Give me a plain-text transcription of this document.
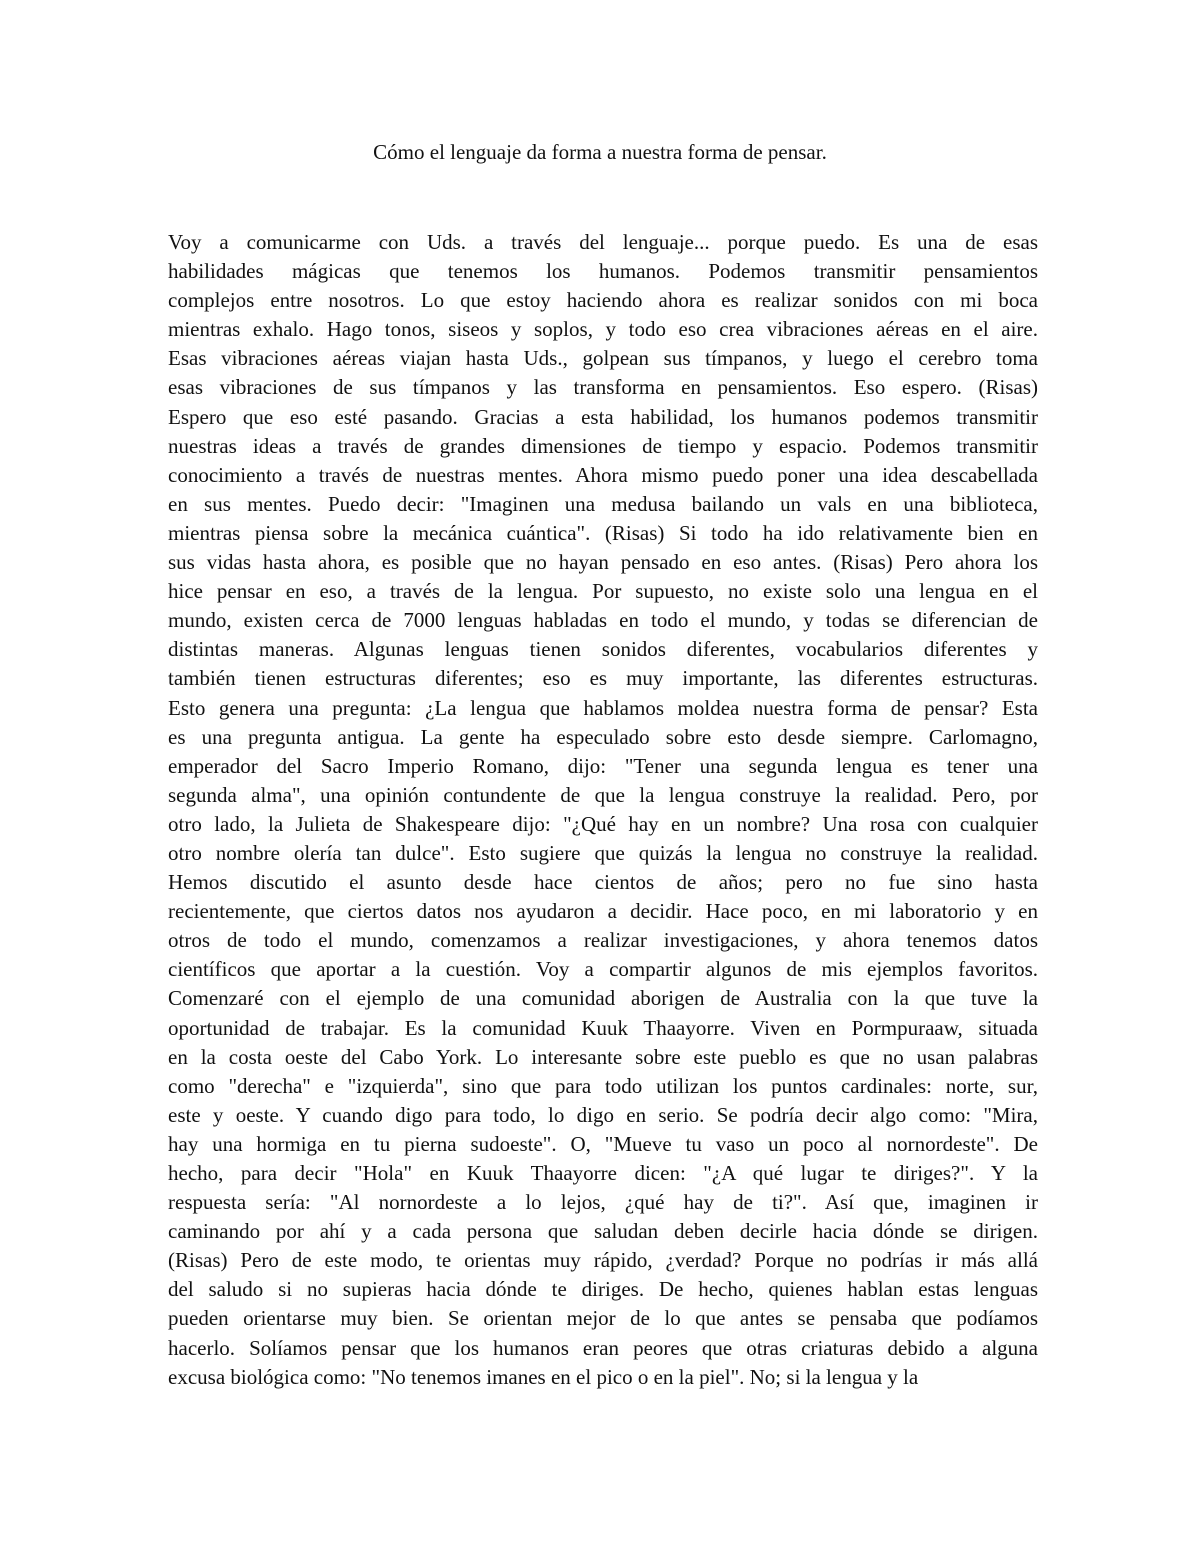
Cómo el lenguaje da forma a nuestra forma de pensar.
Voy a comunicarme con Uds. a través del lenguaje... porque puedo. Es una de esas
habilidades mágicas que tenemos los humanos. Podemos transmitir pensamientos
complejos entre nosotros. Lo que estoy haciendo ahora es realizar sonidos con mi boca
mientras exhalo. Hago tonos, siseos y soplos, y todo eso crea vibraciones aéreas en el aire.
Esas vibraciones aéreas viajan hasta Uds., golpean sus tímpanos, y luego el cerebro toma
esas vibraciones de sus tímpanos y las transforma en pensamientos. Eso espero. (Risas)
Espero que eso esté pasando. Gracias a esta habilidad, los humanos podemos transmitir
nuestras ideas a través de grandes dimensiones de tiempo y espacio. Podemos transmitir
conocimiento a través de nuestras mentes. Ahora mismo puedo poner una idea descabellada
en sus mentes. Puedo decir: "Imaginen una medusa bailando un vals en una biblioteca,
mientras piensa sobre la mecánica cuántica". (Risas) Si todo ha ido relativamente bien en
sus vidas hasta ahora, es posible que no hayan pensado en eso antes. (Risas) Pero ahora los
hice pensar en eso, a través de la lengua. Por supuesto, no existe solo una lengua en el
mundo, existen cerca de 7000 lenguas habladas en todo el mundo, y todas se diferencian de
distintas maneras. Algunas lenguas tienen sonidos diferentes, vocabularios diferentes y
también tienen estructuras diferentes; eso es muy importante, las diferentes estructuras.
Esto genera una pregunta: ¿La lengua que hablamos moldea nuestra forma de pensar? Esta
es una pregunta antigua. La gente ha especulado sobre esto desde siempre. Carlomagno,
emperador del Sacro Imperio Romano, dijo: "Tener una segunda lengua es tener una
segunda alma", una opinión contundente de que la lengua construye la realidad. Pero, por
otro lado, la Julieta de Shakespeare dijo: "¿Qué hay en un nombre? Una rosa con cualquier
otro nombre olería tan dulce". Esto sugiere que quizás la lengua no construye la realidad.
Hemos discutido el asunto desde hace cientos de años; pero no fue sino hasta
recientemente, que ciertos datos nos ayudaron a decidir. Hace poco, en mi laboratorio y en
otros de todo el mundo, comenzamos a realizar investigaciones, y ahora tenemos datos
científicos que aportar a la cuestión. Voy a compartir algunos de mis ejemplos favoritos.
Comenzaré con el ejemplo de una comunidad aborigen de Australia con la que tuve la
oportunidad de trabajar. Es la comunidad Kuuk Thaayorre. Viven en Pormpuraaw, situada
en la costa oeste del Cabo York. Lo interesante sobre este pueblo es que no usan palabras
como "derecha" e "izquierda", sino que para todo utilizan los puntos cardinales: norte, sur,
este y oeste. Y cuando digo para todo, lo digo en serio. Se podría decir algo como: "Mira,
hay una hormiga en tu pierna sudoeste". O, "Mueve tu vaso un poco al nornordeste". De
hecho, para decir "Hola" en Kuuk Thaayorre dicen: "¿A qué lugar te diriges?". Y la
respuesta sería: "Al nornordeste a lo lejos, ¿qué hay de ti?". Así que, imaginen ir
caminando por ahí y a cada persona que saludan deben decirle hacia dónde se dirigen.
(Risas) Pero de este modo, te orientas muy rápido, ¿verdad? Porque no podrías ir más allá
del saludo si no supieras hacia dónde te diriges. De hecho, quienes hablan estas lenguas
pueden orientarse muy bien. Se orientan mejor de lo que antes se pensaba que podíamos
hacerlo. Solíamos pensar que los humanos eran peores que otras criaturas debido a alguna
excusa biológica como: "No tenemos imanes en el pico o en la piel". No; si la lengua y la
